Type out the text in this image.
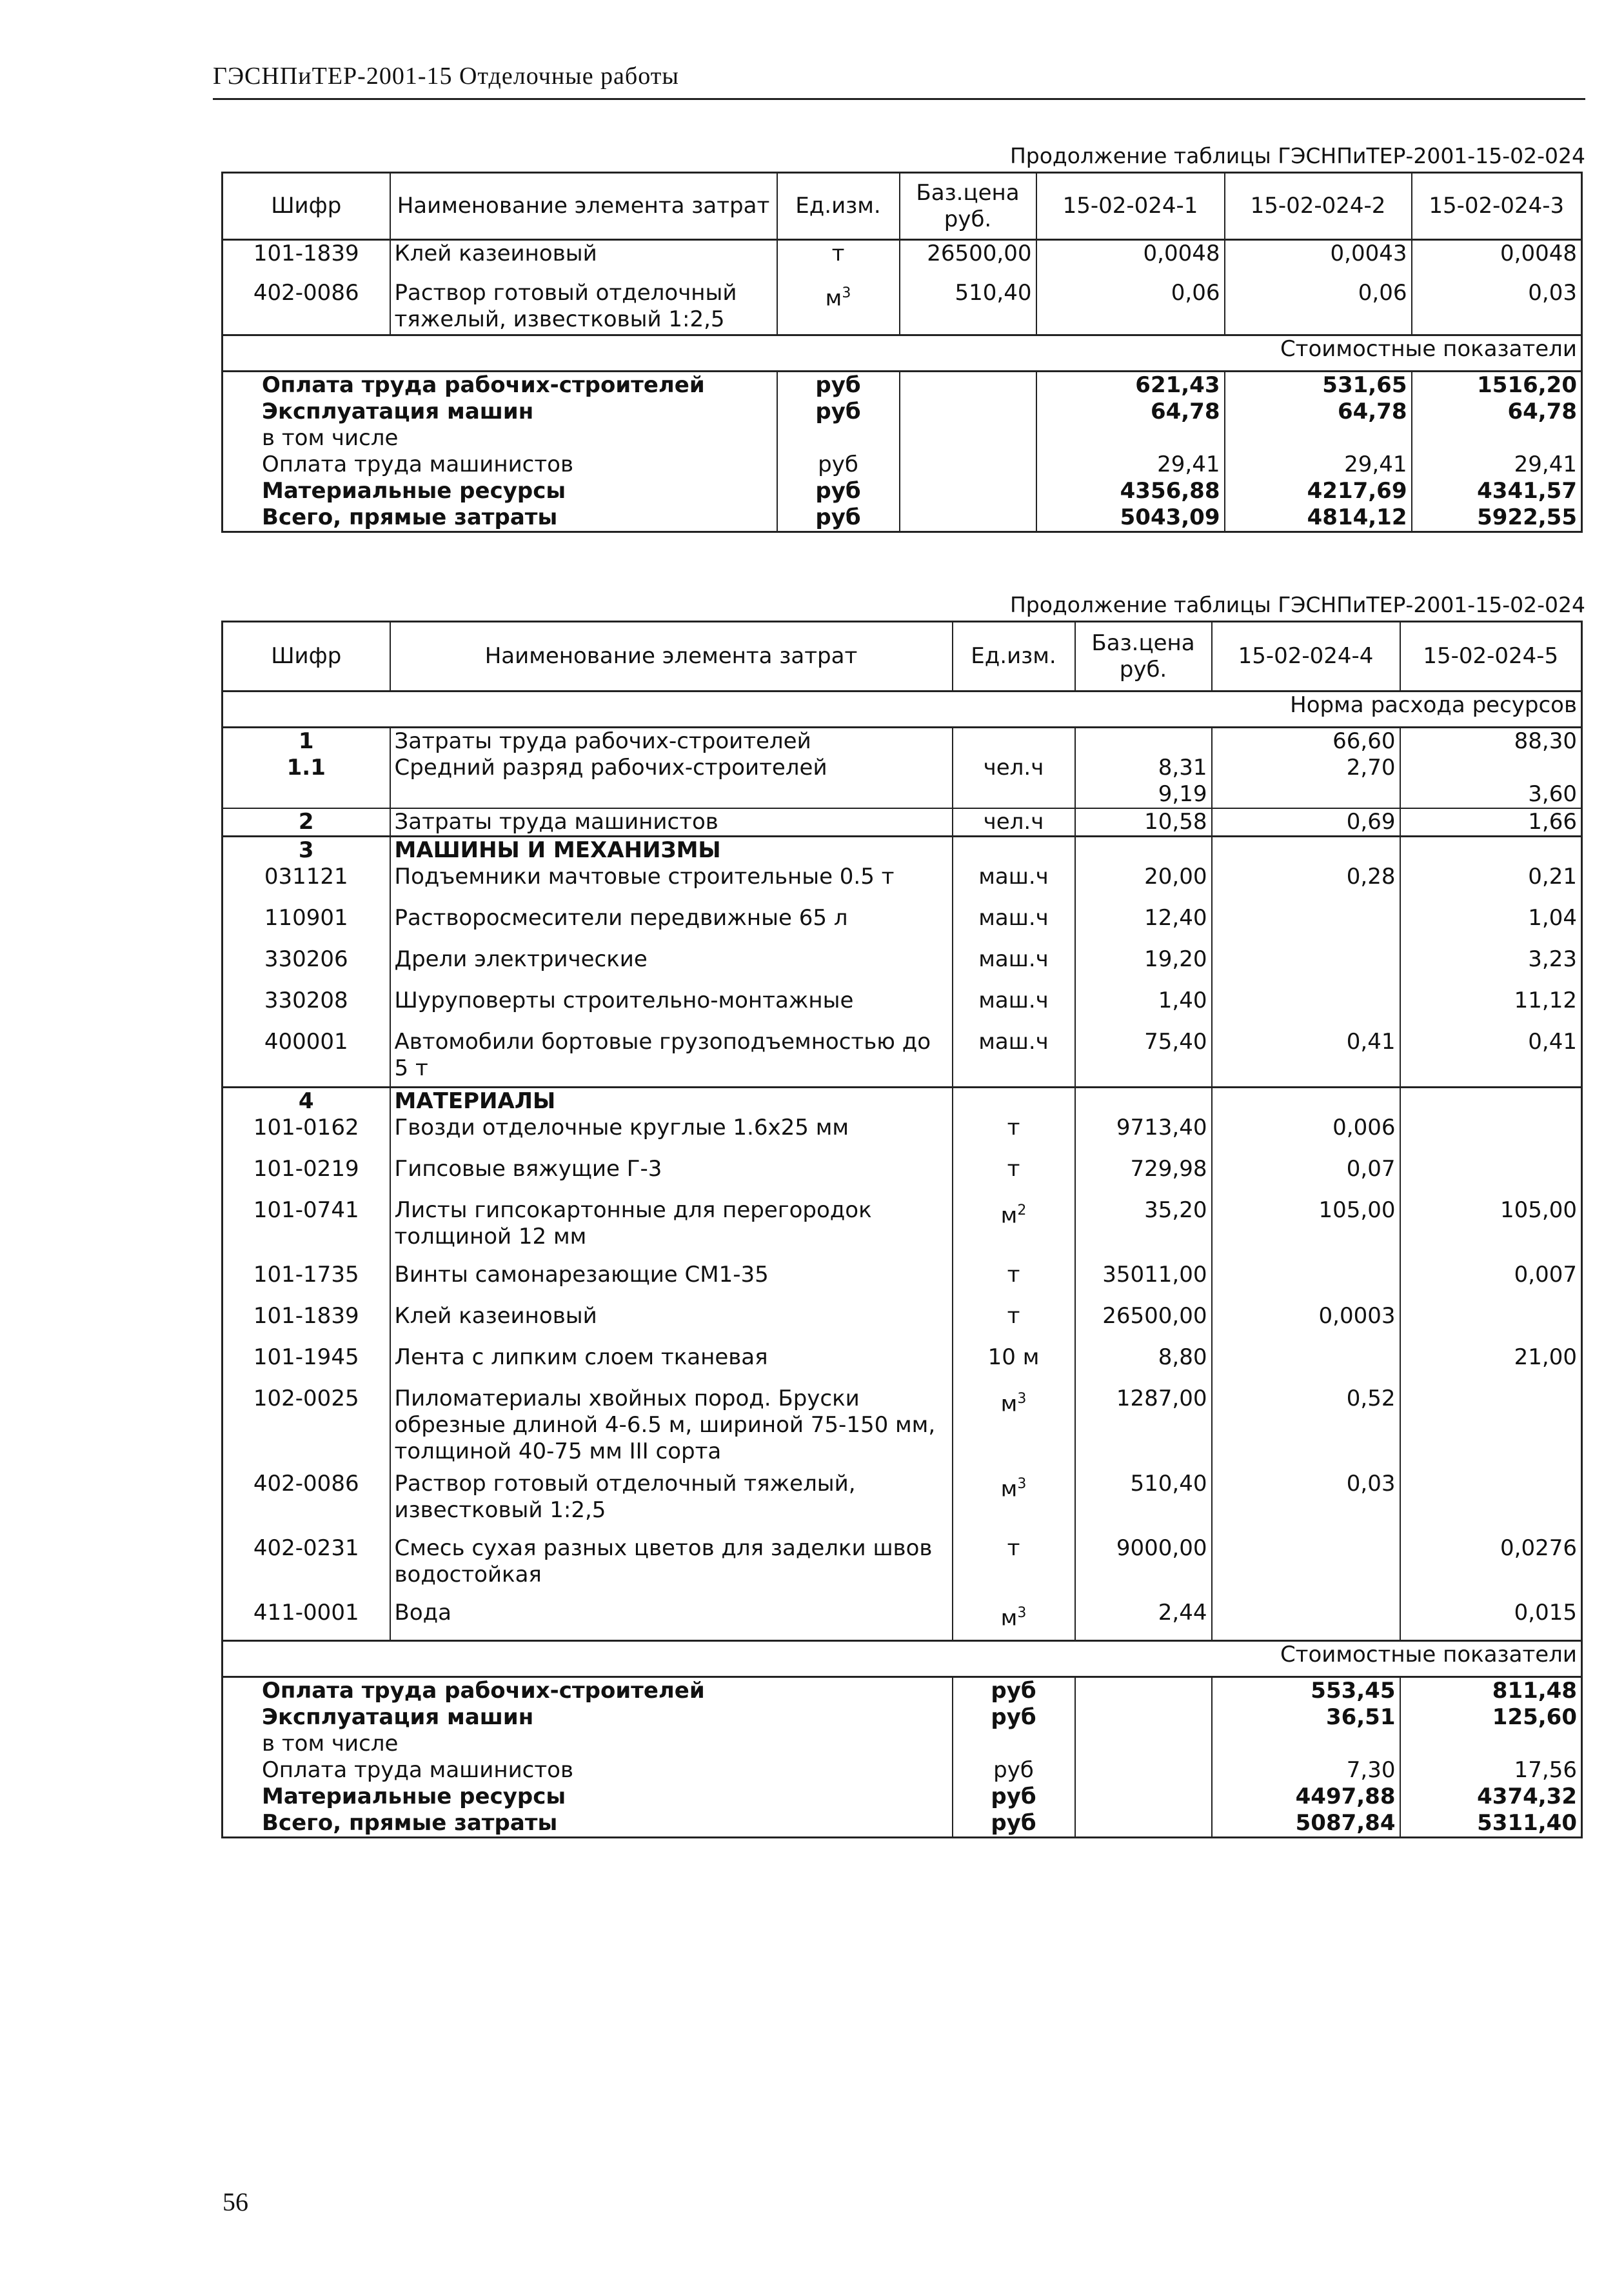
ГЭСНПиТЕР-2001-15 Отделочные работы
Продолжение таблицы ГЭСНПиТЕР-2001-15-02-024
Шифр	Наименование элемента затрат	Ед.изм.	Баз.цена руб.	15-02-024-1	15-02-024-2	15-02-024-3
101-1839	Клей казеиновый	т	26500,00	0,0048	0,0043	0,0048
402-0086	Раствор готовый отделочный тяжелый, известковый 1:2,5	$м^3$	510,40	0,06	0,06	0,03
Стоимостные показатели						
Оплата труда рабочих-строителей		руб		621,43	531,65	1516,20
Эксплуатация машин		руб		64,78	64,78	64,78
в том числе						
Оплата труда машинистов		руб		29,41	29,41	29,41
Материальные ресурсы		руб		4356,88	4217,69	4341,57
Всего, прямые затраты		руб		5043,09	4814,12	5922,55
Продолжение таблицы ГЭСНПиТЕР-2001-15-02-024
Шифр	Наименование элемента затрат	Ед.изм.	Баз.цена руб.	15-02-024-4	15-02-024-5
Норма расхода ресурсов					
1	Затраты труда рабочих-строителей			66,60	88,30
1.1	Средний разряд рабочих-строителей	чел.ч	8,31	2,70	
			9,19		3,60
2	Затраты труда машинистов	чел.ч	10,58	0,69	1,66
3	МАШИНЫ И МЕХАНИЗМЫ				
031121	Подъемники мачтовые строительные 0.5 т	маш.ч	20,00	0,28	0,21
110901	Растворосмесители передвижные 65 л	маш.ч	12,40		1,04
330206	Дрели электрические	маш.ч	19,20		3,23
330208	Шуруповерты строительно-монтажные	маш.ч	1,40		11,12
400001	Автомобили бортовые грузоподъемностью до 5 т	маш.ч	75,40	0,41	0,41
4	МАТЕРИАЛЫ				
101-0162	Гвозди отделочные круглые 1.6х25 мм	т	9713,40	0,006	
101-0219	Гипсовые вяжущие Г-3	т	729,98	0,07	
101-0741	Листы гипсокартонные для перегородок толщиной 12 мм	$м^2$	35,20	105,00	105,00
101-1735	Винты самонарезающие СМ1-35	т	35011,00		0,007
101-1839	Клей казеиновый	т	26500,00	0,0003	
101-1945	Лента с липким слоем тканевая	10 м	8,80		21,00
102-0025	Пиломатериалы хвойных пород. Бруски обрезные длиной 4-6.5 м, шириной 75-150 мм, толщиной 40-75 мм III сорта	$м^3$	1287,00	0,52	
402-0086	Раствор готовый отделочный тяжелый, известковый 1:2,5	$м^3$	510,40	0,03	
402-0231	Смесь сухая разных цветов для заделки швов водостойкая	т	9000,00		0,0276
411-0001	Вода	$м^3$	2,44		0,015
Стоимостные показатели					
Оплата труда рабочих-строителей		руб		553,45	811,48
Эксплуатация машин		руб		36,51	125,60
в том числе					
Оплата труда машинистов		руб		7,30	17,56
Материальные ресурсы		руб		4497,88	4374,32
Всего, прямые затраты		руб		5087,84	5311,40
56
